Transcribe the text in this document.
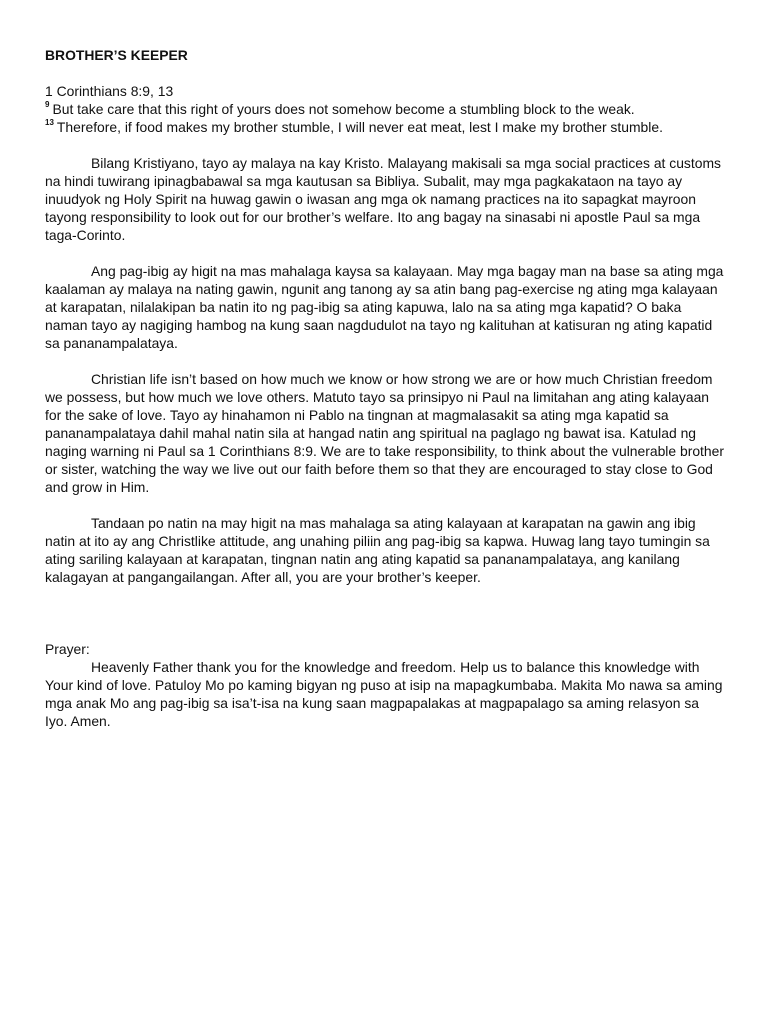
BROTHER’S KEEPER

1 Corinthians 8:9, 13

$^9$ But take care that this right of yours does not somehow become a stumbling block to the weak.

$^{13}$ Therefore, if food makes my brother stumble, I will never eat meat, lest I make my brother stumble.

Bilang Kristiyano, tayo ay malaya na kay Kristo. Malayang makisali sa mga social practices at customs na hindi tuwirang ipinagbabawal sa mga kautusan sa Bibliya. Subalit, may mga pagkakataon na tayo ay inuudyok ng Holy Spirit na huwag gawin o iwasan ang mga ok namang practices na ito sapagkat mayroon tayong responsibility to look out for our brother’s welfare. Ito ang bagay na sinasabi ni apostle Paul sa mga taga-Corinto.

Ang pag-ibig ay higit na mas mahalaga kaysa sa kalayaan. May mga bagay man na base sa ating mga kaalaman ay malaya na nating gawin, ngunit ang tanong ay sa atin bang pag-exercise ng ating mga kalayaan at karapatan, nilalakipan ba natin ito ng pag-ibig sa ating kapuwa, lalo na sa ating mga kapatid? O baka naman tayo ay nagiging hambog na kung saan nagdudulot na tayo ng kalituhan at katisuran ng ating kapatid sa pananampalataya.

Christian life isn’t based on how much we know or how strong we are or how much Christian freedom we possess, but how much we love others. Matuto tayo sa prinsipyo ni Paul na limitahan ang ating kalayaan for the sake of love. Tayo ay hinahamon ni Pablo na tingnan at magmalasakit sa ating mga kapatid sa pananampalataya dahil mahal natin sila at hangad natin ang spiritual na paglago ng bawat isa. Katulad ng naging warning ni Paul sa 1 Corinthians 8:9. We are to take responsibility, to think about the vulnerable brother or sister, watching the way we live out our faith before them so that they are encouraged to stay close to God and grow in Him.

Tandaan po natin na may higit na mas mahalaga sa ating kalayaan at karapatan na gawin ang ibig natin at ito ay ang Christlike attitude, ang unahing piliin ang pag-ibig sa kapwa. Huwag lang tayo tumingin sa ating sariling kalayaan at karapatan, tingnan natin ang ating kapatid sa pananampalataya, ang kanilang kalagayan at pangangailangan. After all, you are your brother’s keeper.

Prayer:

Heavenly Father thank you for the knowledge and freedom. Help us to balance this knowledge with Your kind of love. Patuloy Mo po kaming bigyan ng puso at isip na mapagkumbaba. Makita Mo nawa sa aming mga anak Mo ang pag-ibig sa isa’t-isa na kung saan magpapalakas at magpapalago sa aming relasyon sa Iyo. Amen.
